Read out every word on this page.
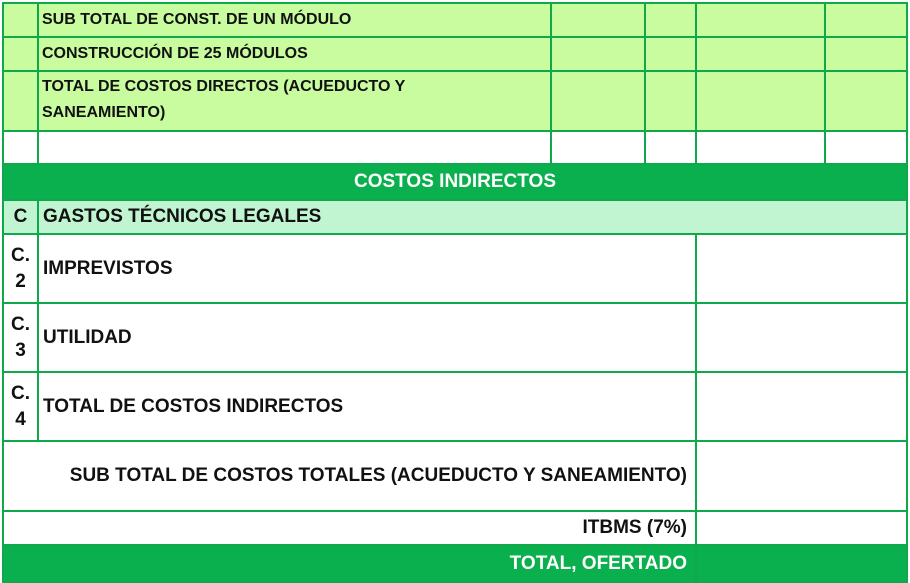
SUB TOTAL DE CONST. DE UN MÓDULO
CONSTRUCCIÓN DE 25 MÓDULOS
TOTAL DE COSTOS DIRECTOS (ACUEDUCTO Y
SANEAMIENTO)
COSTOS INDIRECTOS
C GASTOS TÉCNICOS LEGALES
C.
2
IMPREVISTOS
C.
3
UTILIDAD
C.
4
TOTAL DE COSTOS INDIRECTOS
SUB TOTAL DE COSTOS TOTALES (ACUEDUCTO Y SANEAMIENTO)
ITBMS (7%)
TOTAL, OFERTADO
